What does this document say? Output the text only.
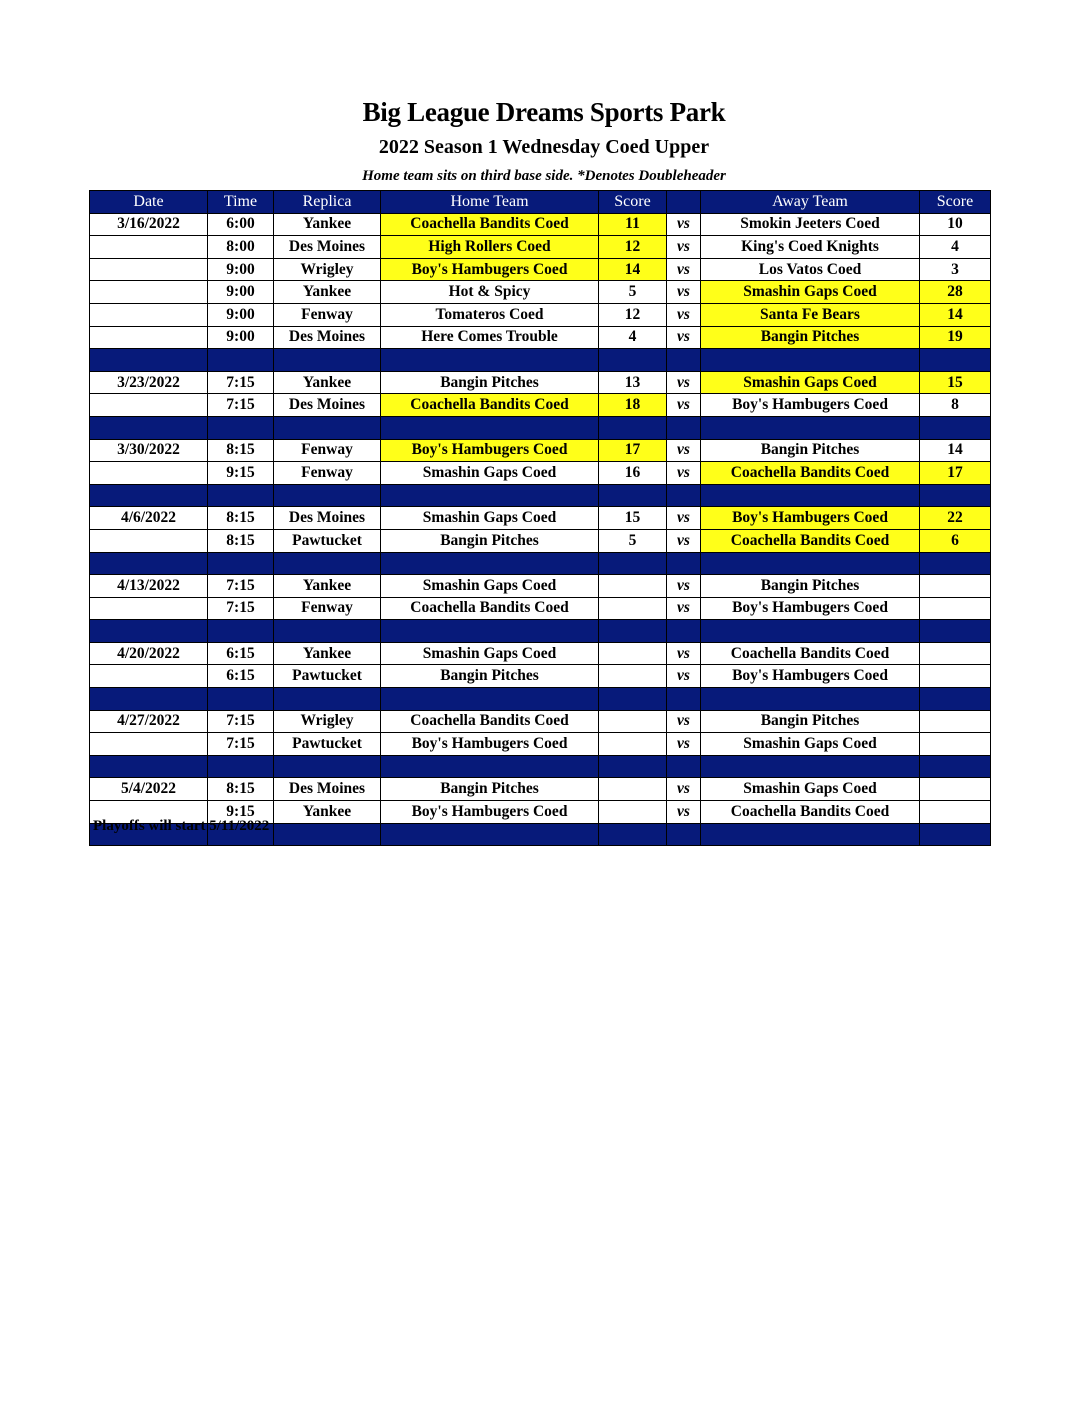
Big League Dreams Sports Park
2022 Season 1 Wednesday Coed Upper
Home team sits on third base side. *Denotes Doubleheader
Date	Time	Replica	Home Team	Score		Away Team	Score
3/16/2022	6:00	Yankee	Coachella Bandits Coed	11	vs	Smokin Jeeters Coed	10
	8:00	Des Moines	High Rollers Coed	12	vs	King's Coed Knights	4
	9:00	Wrigley	Boy's Hambugers Coed	14	vs	Los Vatos Coed	3
	9:00	Yankee	Hot & Spicy	5	vs	Smashin Gaps Coed	28
	9:00	Fenway	Tomateros Coed	12	vs	Santa Fe Bears	14
	9:00	Des Moines	Here Comes Trouble	4	vs	Bangin Pitches	19

3/23/2022	7:15	Yankee	Bangin Pitches	13	vs	Smashin Gaps Coed	15
	7:15	Des Moines	Coachella Bandits Coed	18	vs	Boy's Hambugers Coed	8

3/30/2022	8:15	Fenway	Boy's Hambugers Coed	17	vs	Bangin Pitches	14
	9:15	Fenway	Smashin Gaps Coed	16	vs	Coachella Bandits Coed	17

4/6/2022	8:15	Des Moines	Smashin Gaps Coed	15	vs	Boy's Hambugers Coed	22
	8:15	Pawtucket	Bangin Pitches	5	vs	Coachella Bandits Coed	6

4/13/2022	7:15	Yankee	Smashin Gaps Coed		vs	Bangin Pitches	
	7:15	Fenway	Coachella Bandits Coed		vs	Boy's Hambugers Coed	

4/20/2022	6:15	Yankee	Smashin Gaps Coed		vs	Coachella Bandits Coed	
	6:15	Pawtucket	Bangin Pitches		vs	Boy's Hambugers Coed	

4/27/2022	7:15	Wrigley	Coachella Bandits Coed		vs	Bangin Pitches	
	7:15	Pawtucket	Boy's Hambugers Coed		vs	Smashin Gaps Coed	

5/4/2022	8:15	Des Moines	Bangin Pitches		vs	Smashin Gaps Coed	
	9:15	Yankee	Boy's Hambugers Coed		vs	Coachella Bandits Coed	

Playoffs will start 5/11/2022
